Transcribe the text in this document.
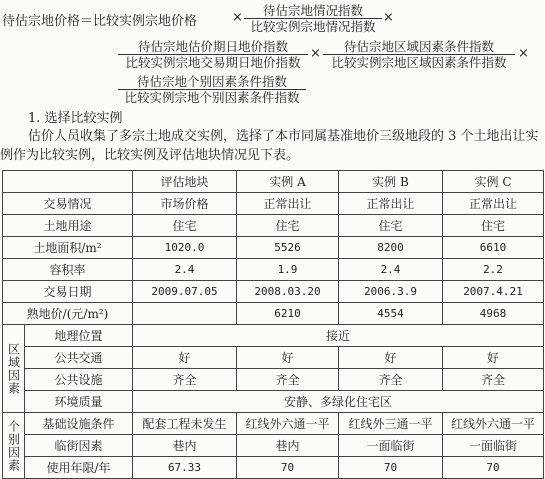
待估宗地价格＝比较实例宗地价格	×	待估宗地情况指数
比较实例宗地情况指数
×
待估宗地估价期日地价指数
比较实例宗地交易期日地价指数
×	待估宗地区域因素条件指数
比较实例宗地区域因素条件指数
×
待估宗地个别因素条件指数
比较实例宗地个别因素条件指数
1. 选择比较实例
估价人员收集了多宗土地成交实例，选择了本市同属基准地价三级地段的 3 个土地出让实例作为比较实例，比较实例及评估地块情况见下表。
		评估地块	实例 A	实例 B	实例 C
交易情况		市场价格	正常出让	正常出让	正常出让
土地用途		住宅	住宅	住宅	住宅
土地面积/m²		1020.0	5526	8200	6610
容积率		2.4	1.9	2.4	2.2
交易日期		2009.07.05	2008.03.20	2006.3.9	2007.4.21
熟地价/(元/m²)			6210	4554	4968
区域因素	地理位置	接近			
	公共交通	好	好	好	好
	公共设施	齐全	齐全	齐全	齐全
	环境质量	安静、多绿化住宅区			
个别因素	基础设施条件	配套工程未发生	红线外六通一平	红线外三通一平	红线外六通一平
	临街因素	巷内	巷内	一面临街	一面临街
	使用年限/年	67.33	70	70	70
